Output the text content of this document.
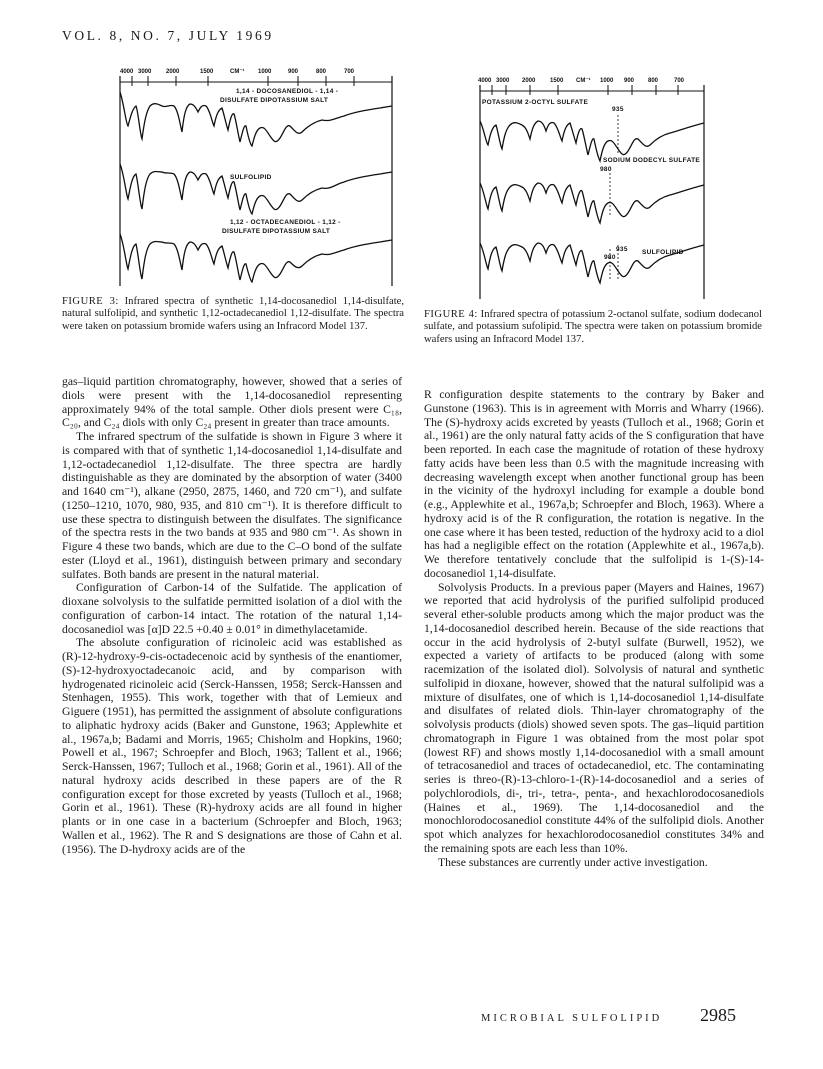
VOL. 8, NO. 7, JULY 1969
4000 3000 2000	1500	CM⁻¹ 1000	900	800	700
1,14 - DOCOSANEDIOL - 1,14 -
DISULFATE DIPOTASSIUM SALT
SULFOLIPID
1,12 - OCTADECANEDIOL - 1,12 -
DISULFATE DIPOTASSIUM SALT
FIGURE 3: Infrared spectra of synthetic 1,14-docosanediol 1,14-disulfate, natural sulfolipid, and synthetic 1,12-octadecanediol 1,12-disulfate. The spectra were taken on potassium bromide wafers using an Infracord Model 137.
4000 3000 2000 1500 CM⁻¹ 1000 900 800	700
POTASSIUM 2-OCTYL SULFATE
935
SODIUM DODECYL SULFATE
980
SULFOLIPID
935
980
FIGURE 4: Infrared spectra of potassium 2-octanol sulfate, sodium dodecanol sulfate, and potassium sufolipid. The spectra were taken on potassium bromide wafers using an Infracord Model 137.

gas–liquid partition chromatography, however, showed that a series of diols were present with the 1,14-docosanediol representing approximately 94% of the total sample. Other diols present were C₁₈, C₂₀, and C₂₄ diols with only C₂₄ present in greater than trace amounts.

The infrared spectrum of the sulfatide is shown in Figure 3 where it is compared with that of synthetic 1,14-docosanediol 1,14-disulfate and 1,12-octadecanediol 1,12-disulfate. The three spectra are hardly distinguishable as they are dominated by the absorption of water (3400 and 1640 cm⁻¹), alkane (2950, 2875, 1460, and 720 cm⁻¹), and sulfate (1250–1210, 1070, 980, 935, and 810 cm⁻¹). It is therefore difficult to use these spectra to distinguish between the disulfates. The significance of the spectra rests in the two bands at 935 and 980 cm⁻¹. As shown in Figure 4 these two bands, which are due to the C–O bond of the sulfate ester (Lloyd et al., 1961), distinguish between primary and secondary sulfates. Both bands are present in the natural material.

Configuration of Carbon-14 of the Sulfatide. The application of dioxane solvolysis to the sulfatide permitted isolation of a diol with the configuration of carbon-14 intact. The rotation of the natural 1,14-docosanediol was [α]D 22.5 +0.40 ± 0.01° in dimethylacetamide.

The absolute configuration of ricinoleic acid was established as (R)-12-hydroxy-9-cis-octadecenoic acid by synthesis of the enantiomer, (S)-12-hydroxyoctadecanoic acid, and by comparison with hydrogenated ricinoleic acid (Serck-Hanssen, 1958; Serck-Hanssen and Stenhagen, 1955). This work, together with that of Lemieux and Giguere (1951), has permitted the assignment of absolute configurations to aliphatic hydroxy acids (Baker and Gunstone, 1963; Applewhite et al., 1967a,b; Badami and Morris, 1965; Chisholm and Hopkins, 1960; Powell et al., 1967; Schroepfer and Bloch, 1963; Tallent et al., 1966; Serck-Hanssen, 1967; Tulloch et al., 1968; Gorin et al., 1961). All of the natural hydroxy acids described in these papers are of the R configuration except for those excreted by yeasts (Tulloch et al., 1968; Gorin et al., 1961). These (R)-hydroxy acids are all found in higher plants or in one case in a bacterium (Schroepfer and Bloch, 1963; Wallen et al., 1962). The R and S designations are those of Cahn et al. (1956). The D-hydroxy acids are of the

R configuration despite statements to the contrary by Baker and Gunstone (1963). This is in agreement with Morris and Wharry (1966). The (S)-hydroxy acids excreted by yeasts (Tulloch et al., 1968; Gorin et al., 1961) are the only natural fatty acids of the S configuration that have been reported. In each case the magnitude of rotation of these hydroxy fatty acids have been less than 0.5 with the magnitude increasing with decreasing wavelength except when another functional group has been in the vicinity of the hydroxyl including for example a double bond (e.g., Applewhite et al., 1967a,b; Schroepfer and Bloch, 1963). Where a hydroxy acid is of the R configuration, the rotation is negative. In the one case where it has been tested, reduction of the hydroxy acid to a diol has had a negligible effect on the rotation (Applewhite et al., 1967a,b). We therefore tentatively conclude that the sulfolipid is 1-(S)-14-docosanediol 1,14-disulfate.

Solvolysis Products. In a previous paper (Mayers and Haines, 1967) we reported that acid hydrolysis of the purified sulfolipid produced several ether-soluble products among which the major product was the 1,14-docosanediol described herein. Because of the side reactions that occur in the acid hydrolysis of 2-butyl sulfate (Burwell, 1952), we expected a variety of artifacts to be produced (along with some racemization of the isolated diol). Solvolysis of natural and synthetic sulfolipid in dioxane, however, showed that the natural sulfolipid was a mixture of disulfates, one of which is 1,14-docosanediol 1,14-disulfate and disulfates of related diols. Thin-layer chromatography of the solvolysis products (diols) showed seven spots. The gas–liquid partition chromatograph in Figure 1 was obtained from the most polar spot (lowest RF) and shows mostly 1,14-docosanediol with a small amount of tetracosanediol and traces of octadecanediol, etc. The contaminating series is threo-(R)-13-chloro-1-(R)-14-docosanediol and a series of polychlorodiols, di-, tri-, tetra-, penta-, and hexachlorodocosanediols (Haines et al., 1969). The 1,14-docosanediol and the monochlorodocosanediol constitute 44% of the sulfolipid diols. Another spot which analyzes for hexachlorodocosanediol constitutes 34% and the remaining spots are each less than 10%.

These substances are currently under active investigation.

MICROBIAL SULFOLIPID 2985
